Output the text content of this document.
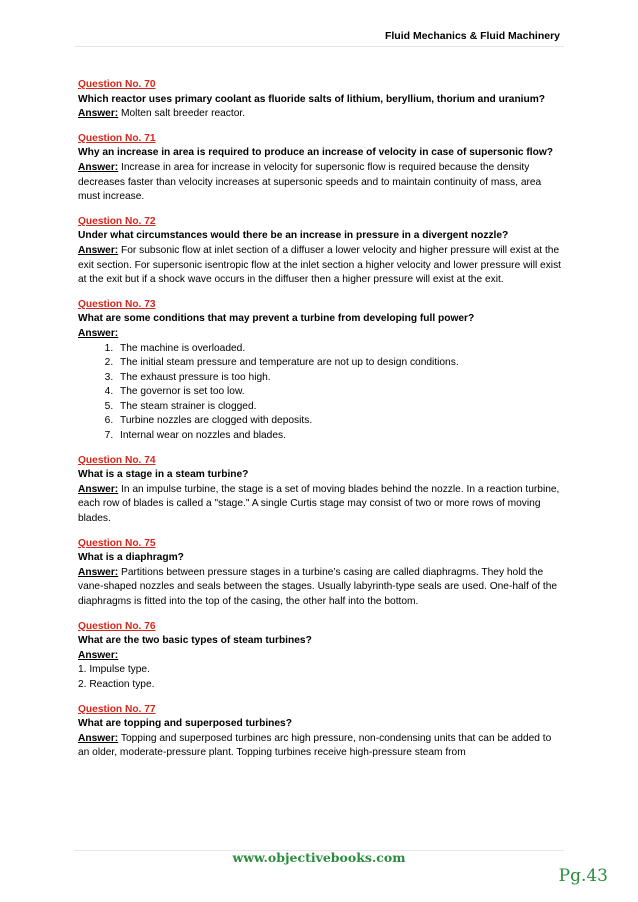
Fluid Mechanics & Fluid Machinery
Question No. 70
Which reactor uses primary coolant as fluoride salts of lithium, beryllium, thorium and uranium?
Answer: Molten salt breeder reactor.
Question No. 71
Why an increase in area is required to produce an increase of velocity in case of supersonic flow?
Answer: Increase in area for increase in velocity for supersonic flow is required because the density decreases faster than velocity increases at supersonic speeds and to maintain continuity of mass, area must increase.
Question No. 72
Under what circumstances would there be an increase in pressure in a divergent nozzle?
Answer: For subsonic flow at inlet section of a diffuser a lower velocity and higher pressure will exist at the exit section. For supersonic isentropic flow at the inlet section a higher velocity and lower pressure will exist at the exit but if a shock wave occurs in the diffuser then a higher pressure will exist at the exit.
Question No. 73
What are some conditions that may prevent a turbine from developing full power?
Answer:
1. The machine is overloaded.
2. The initial steam pressure and temperature are not up to design conditions.
3. The exhaust pressure is too high.
4. The governor is set too low.
5. The steam strainer is clogged.
6. Turbine nozzles are clogged with deposits.
7. Internal wear on nozzles and blades.
Question No. 74
What is a stage in a steam turbine?
Answer: In an impulse turbine, the stage is a set of moving blades behind the nozzle. In a reaction turbine, each row of blades is called a "stage." A single Curtis stage may consist of two or more rows of moving blades.
Question No. 75
What is a diaphragm?
Answer: Partitions between pressure stages in a turbine’s casing are called diaphragms. They hold the vane-shaped nozzles and seals between the stages. Usually labyrinth-type seals are used. One-half of the diaphragms is fitted into the top of the casing, the other half into the bottom.
Question No. 76
What are the two basic types of steam turbines?
Answer:
1. Impulse type.
2. Reaction type.
Question No. 77
What are topping and superposed turbines?
Answer: Topping and superposed turbines arc high pressure, non-condensing units that can be added to an older, moderate-pressure plant. Topping turbines receive high-pressure steam from
www.objectivebooks.com
Pg.43
